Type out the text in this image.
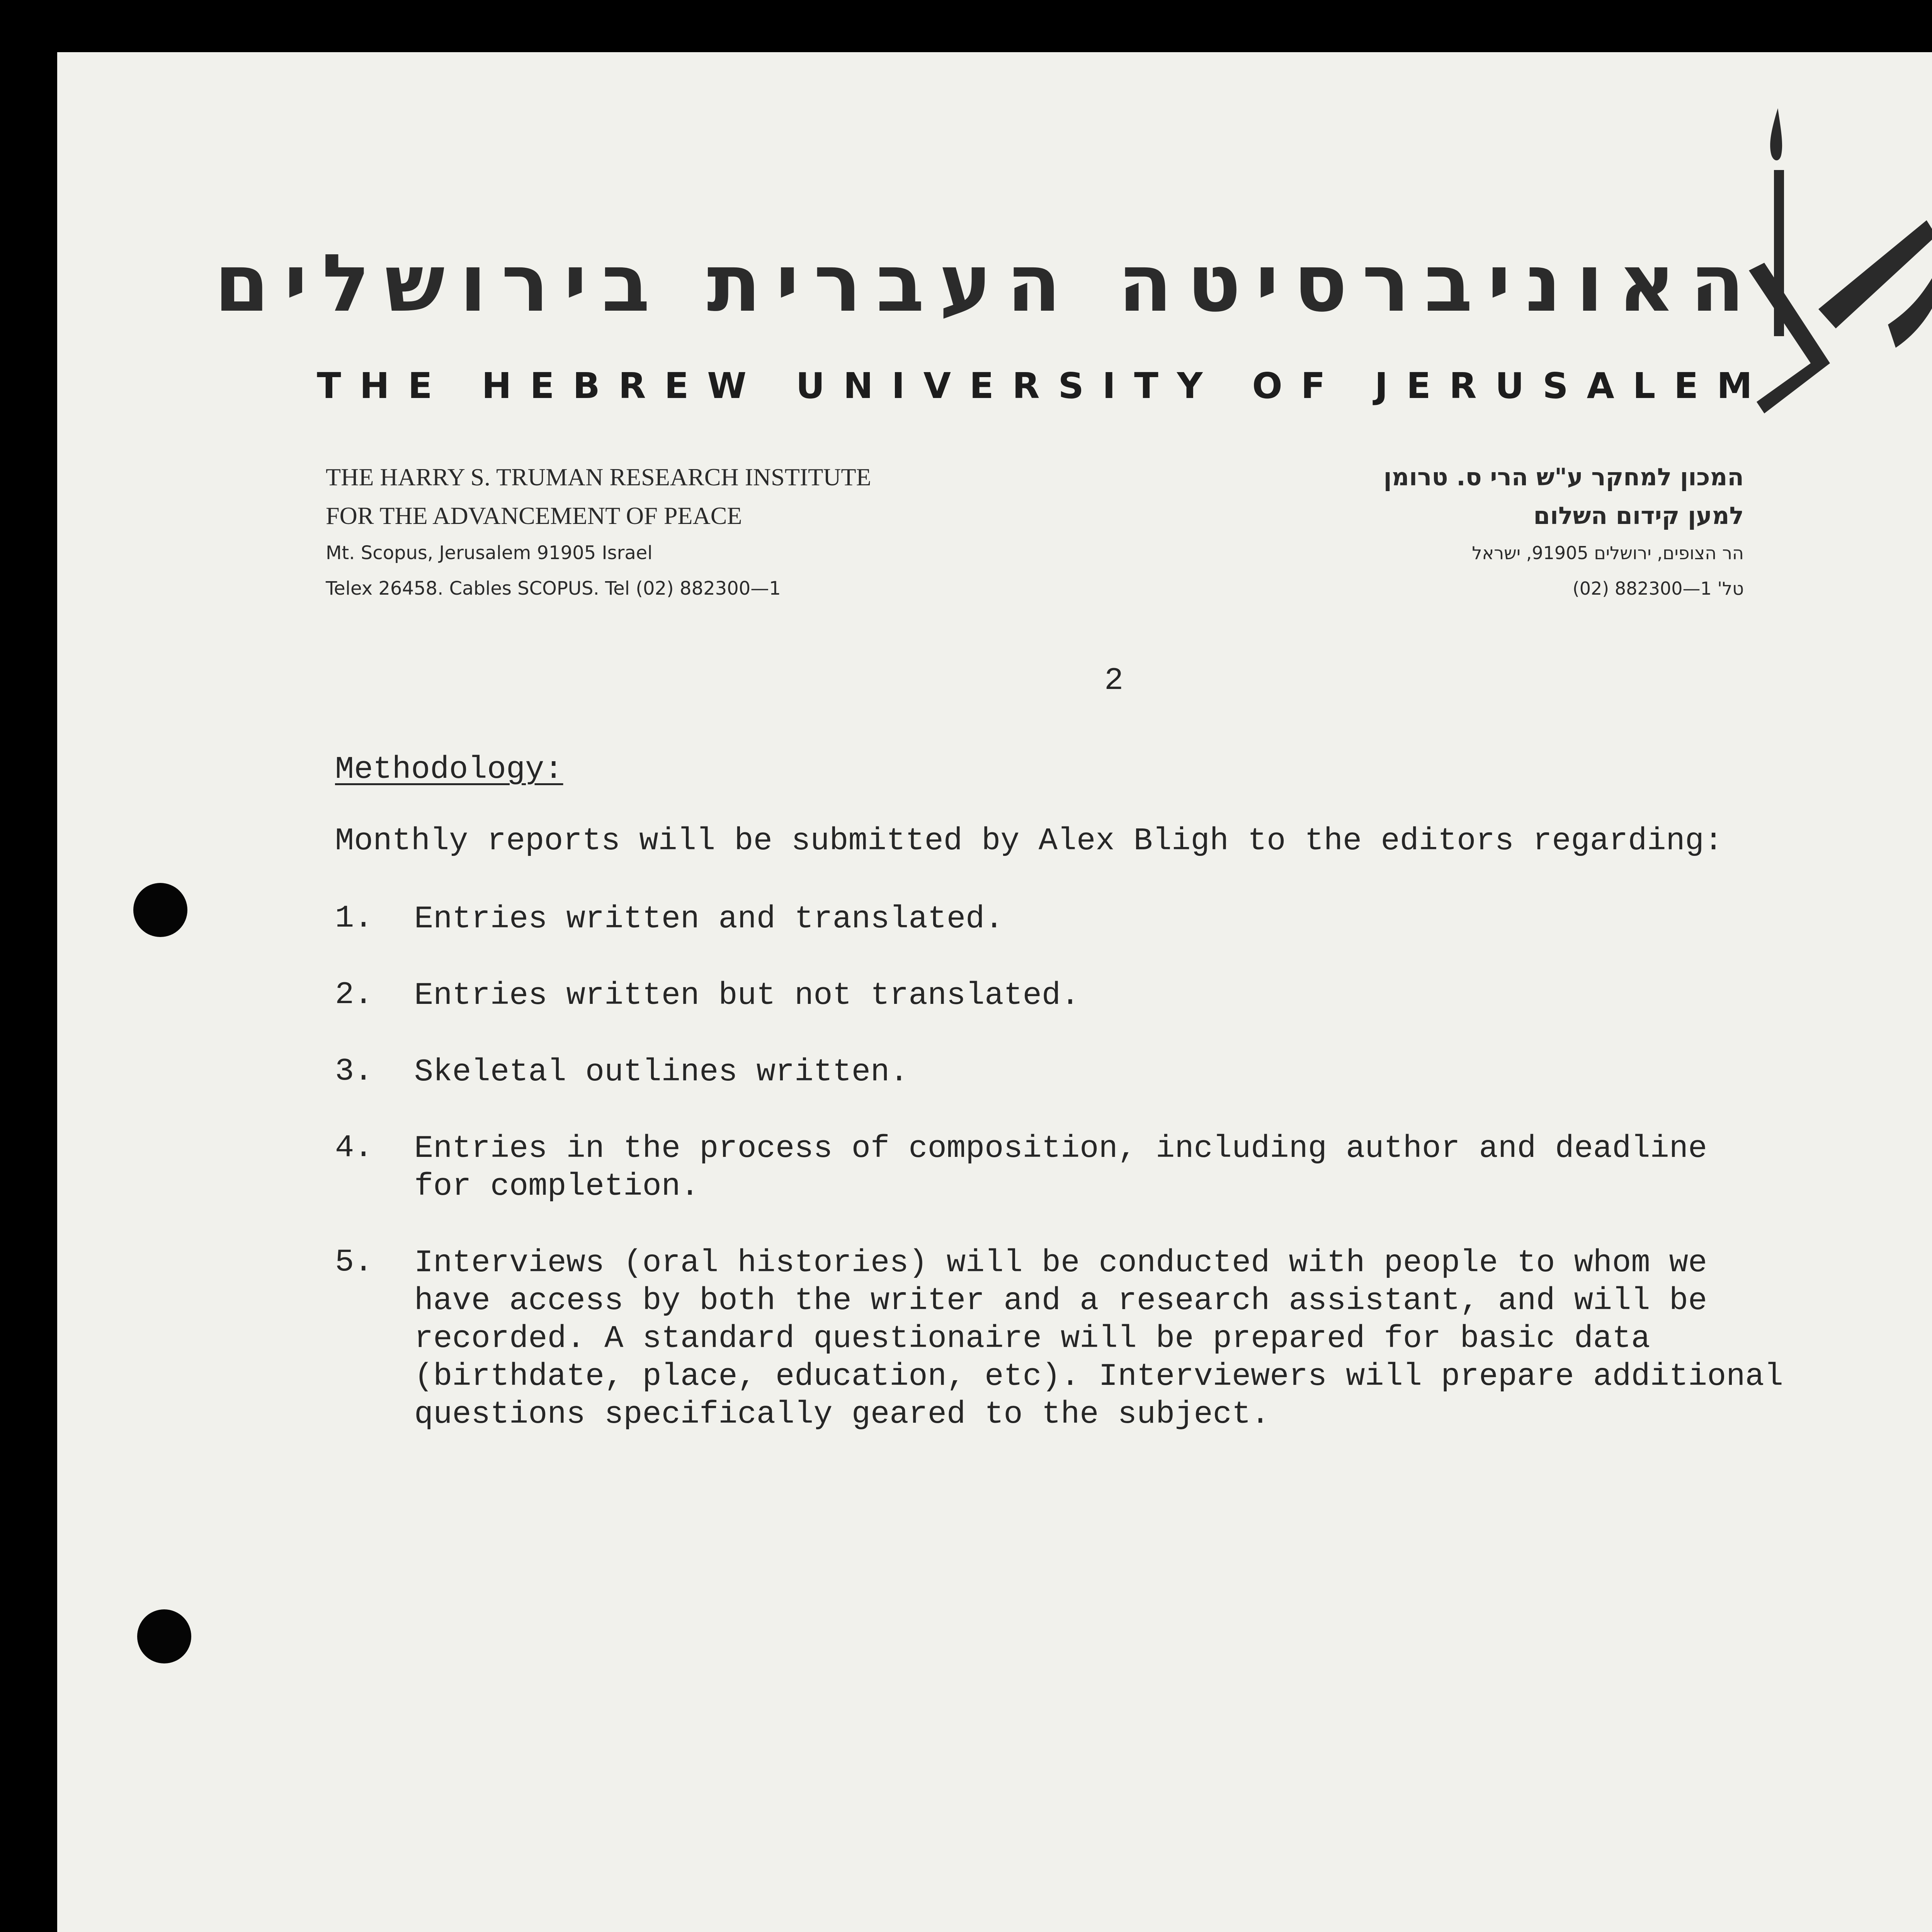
האוניברסיטה העברית בירושלים
THE HEBREW UNIVERSITY OF JERUSALEM
THE HARRY S. TRUMAN RESEARCH INSTITUTE
FOR THE ADVANCEMENT OF PEACE
Mt. Scopus, Jerusalem 91905 Israel
Telex 26458. Cables SCOPUS. Tel (02) 882300—1
המכון למחקר ע"ש הרי ס. טרומן
למען קידום השלום
הר הצופים, ירושלים 91905, ישראל
טל' 1—882300 (02)
2
Methodology:
Monthly reports will be submitted by Alex Bligh to the editors regarding:
1.	Entries written and translated.
2.	Entries written but not translated.
3.	Skeletal outlines written.
4.	Entries in the process of composition, including author and deadline
for completion.
5.	Interviews (oral histories) will be conducted with people to whom we
have access by both the writer and a research assistant, and will be
recorded. A standard questionaire will be prepared for basic data
(birthdate, place, education, etc). Interviewers will prepare additional
questions specifically geared to the subject.
